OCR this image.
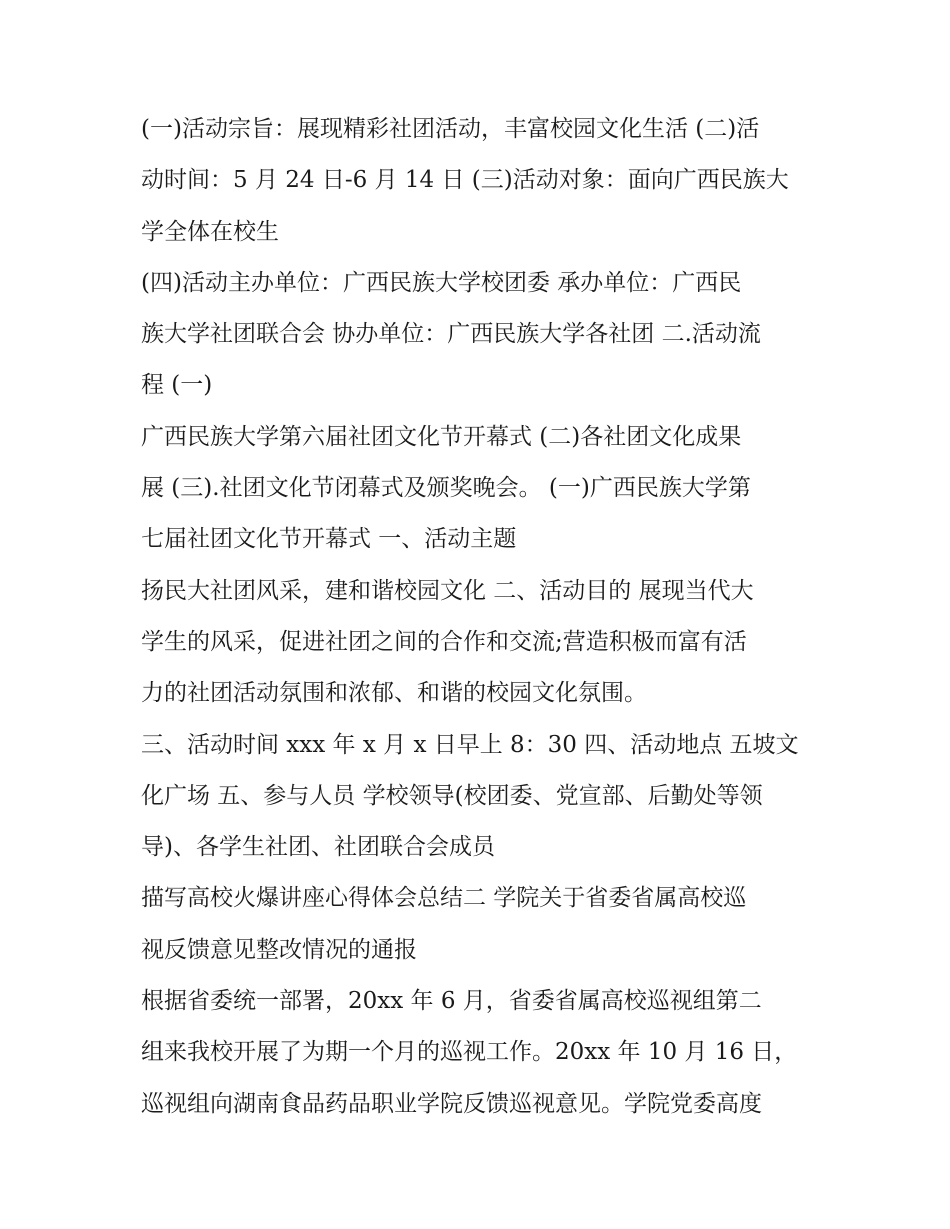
(一)活动宗旨：展现精彩社团活动，丰富校园文化生活 (二)活
动时间：5 月 24 日-6 月 14 日 (三)活动对象：面向广西民族大
学全体在校生
(四)活动主办单位：广西民族大学校团委 承办单位：广西民
族大学社团联合会 协办单位：广西民族大学各社团 二.活动流
程 (一)
广西民族大学第六届社团文化节开幕式 (二)各社团文化成果
展 (三).社团文化节闭幕式及颁奖晚会。 (一)广西民族大学第
七届社团文化节开幕式 一、活动主题
扬民大社团风采，建和谐校园文化 二、活动目的 展现当代大
学生的风采，促进社团之间的合作和交流;营造积极而富有活
力的社团活动氛围和浓郁、和谐的校园文化氛围。
三、活动时间 xxx 年 x 月 x 日早上 8：30 四、活动地点 五坡文
化广场 五、参与人员 学校领导(校团委、党宣部、后勤处等领
导)、各学生社团、社团联合会成员
描写高校火爆讲座心得体会总结二 学院关于省委省属高校巡
视反馈意见整改情况的通报
根据省委统一部署，20xx 年 6 月，省委省属高校巡视组第二
组来我校开展了为期一个月的巡视工作。20xx 年 10 月 16 日，
巡视组向湖南食品药品职业学院反馈巡视意见。学院党委高度
